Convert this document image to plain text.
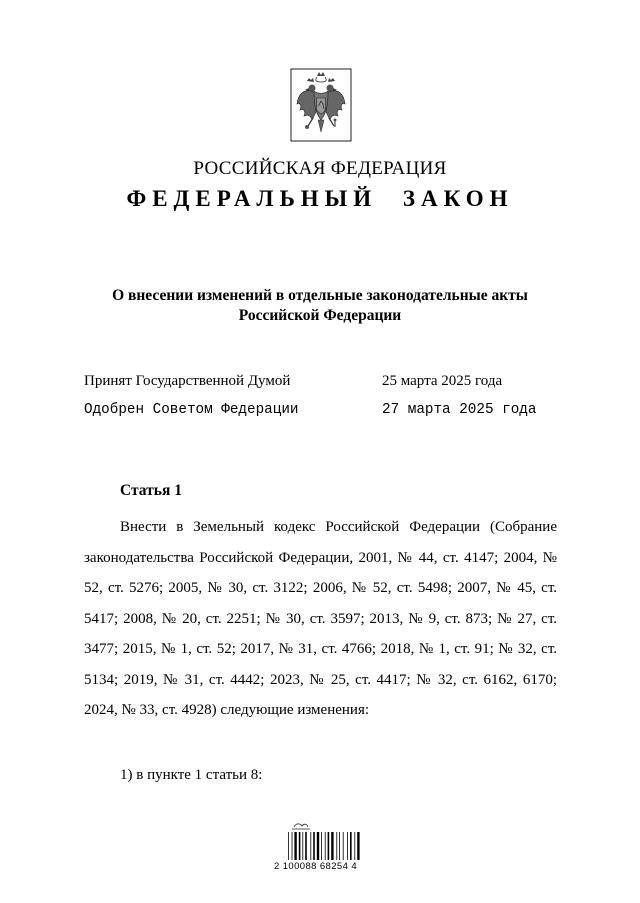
РОССИЙСКАЯ ФЕДЕРАЦИЯ
ФЕДЕРАЛЬНЫЙ ЗАКОН
О внесении изменений в отдельные законодательные акты
Российской Федерации
Принят Государственной Думой	25 марта 2025 года
Одобрен Советом Федерации	27 марта 2025 года
Статья 1

Внести в Земельный кодекс Российской Федерации (Собрание законодательства Российской Федерации, 2001, № 44, ст. 4147; 2004, № 52, ст. 5276; 2005, № 30, ст. 3122; 2006, № 52, ст. 5498; 2007, № 45, ст. 5417; 2008, № 20, ст. 2251; № 30, ст. 3597; 2013, № 9, ст. 873; № 27, ст. 3477; 2015, № 1, ст. 52; 2017, № 31, ст. 4766; 2018, № 1, ст. 91; № 32, ст. 5134; 2019, № 31, ст. 4442; 2023, № 25, ст. 4417; № 32, ст. 6162, 6170; 2024, № 33, ст. 4928) следующие изменения:

1) в пункте 1 статьи 8:
2 100088 68254 4
